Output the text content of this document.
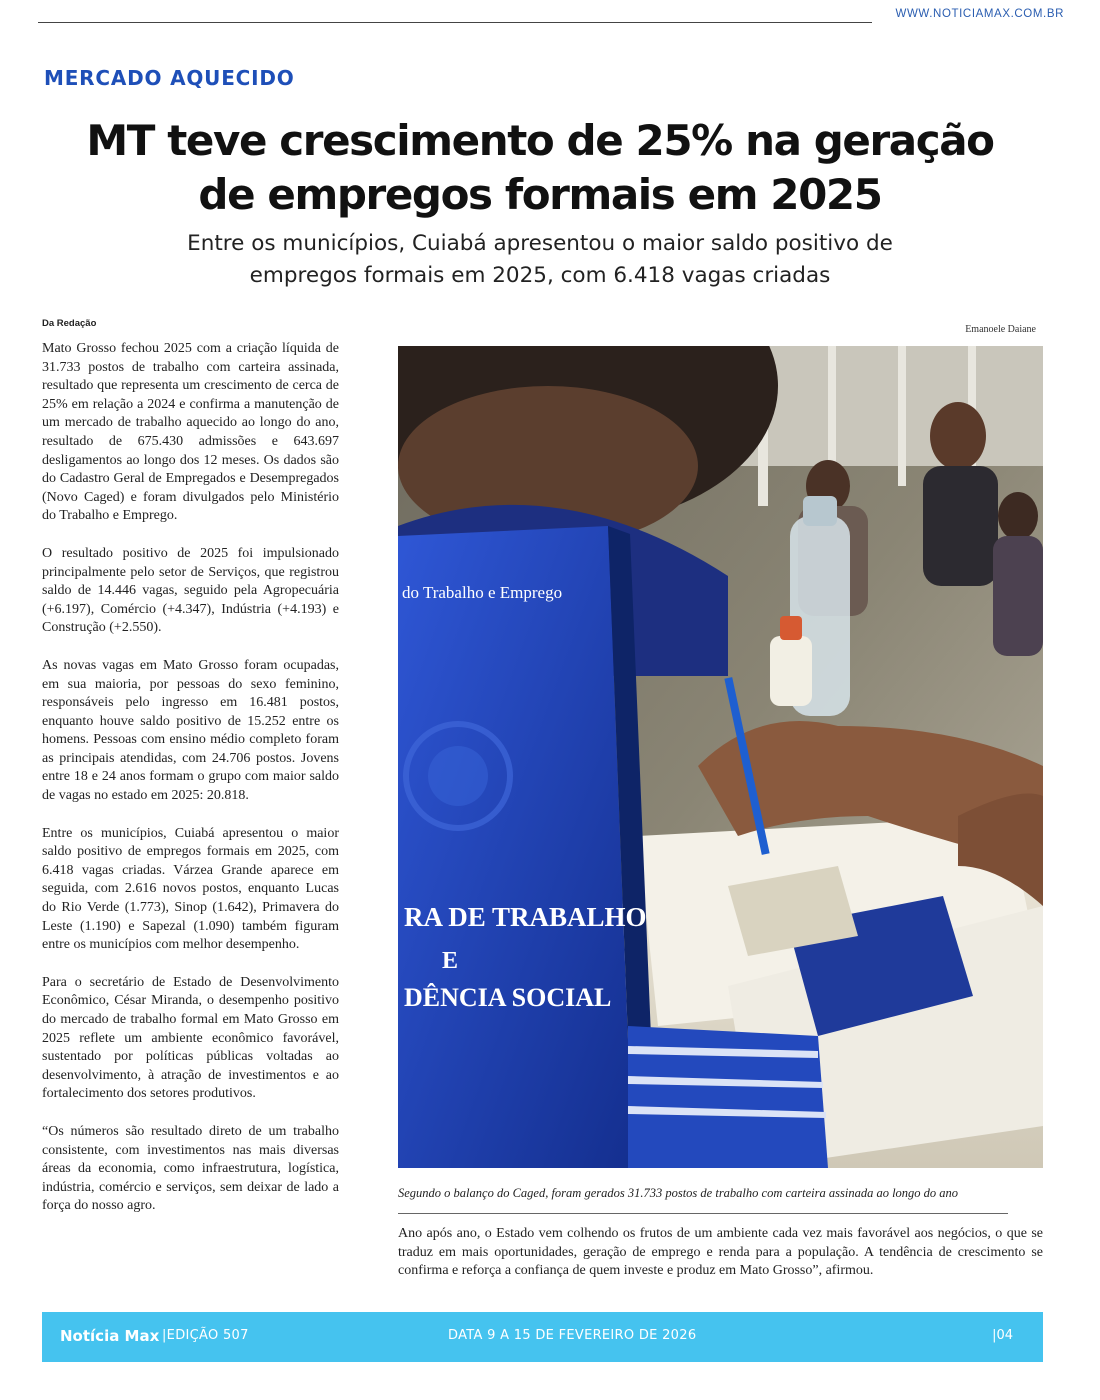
WWW.NOTICIAMAX.COM.BR
MERCADO AQUECIDO
MT teve crescimento de 25% na geração
de empregos formais em 2025

Entre os municípios, Cuiabá apresentou o maior saldo positivo de
empregos formais em 2025, com 6.418 vagas criadas

Da Redação

Mato Grosso fechou 2025 com a criação líquida de 31.733 postos de trabalho com carteira assinada, resultado que representa um crescimento de cerca de 25% em relação a 2024 e confirma a manutenção de um mercado de trabalho aquecido ao longo do ano, resultado de 675.430 admissões e 643.697 desligamentos ao longo dos 12 meses. Os dados são do Cadastro Geral de Empregados e Desempregados (Novo Caged) e foram divulgados pelo Ministério do Trabalho e Emprego.

O resultado positivo de 2025 foi impulsionado principalmente pelo setor de Serviços, que registrou saldo de 14.446 vagas, seguido pela Agropecuária (+6.197), Comércio (+4.347), Indústria (+4.193) e Construção (+2.550).

As novas vagas em Mato Grosso foram ocupadas, em sua maioria, por pessoas do sexo feminino, responsáveis pelo ingresso em 16.481 postos, enquanto houve saldo positivo de 15.252 entre os homens. Pessoas com ensino médio completo foram as principais atendidas, com 24.706 postos. Jovens entre 18 e 24 anos formam o grupo com maior saldo de vagas no estado em 2025: 20.818.

Entre os municípios, Cuiabá apresentou o maior saldo positivo de empregos formais em 2025, com 6.418 vagas criadas. Várzea Grande aparece em seguida, com 2.616 novos postos, enquanto Lucas do Rio Verde (1.773), Sinop (1.642), Primavera do Leste (1.190) e Sapezal (1.090) também figuram entre os municípios com melhor desempenho.

Para o secretário de Estado de Desenvolvimento Econômico, César Miranda, o desempenho positivo do mercado de trabalho formal em Mato Grosso em 2025 reflete um ambiente econômico favorável, sustentado por políticas públicas voltadas ao desenvolvimento, à atração de investimentos e ao fortalecimento dos setores produtivos.

“Os números são resultado direto de um trabalho consistente, com investimentos nas mais diversas áreas da economia, como infraestrutura, logística, indústria, comércio e serviços, sem deixar de lado a força do nosso agro.

Emanoele Daiane
do Trabalho e Emprego
RA DE TRABALHO
E
DÊNCIA SOCIAL

Segundo o balanço do Caged, foram gerados 31.733 postos de trabalho com carteira assinada ao longo do ano

Ano após ano, o Estado vem colhendo os frutos de um ambiente cada vez mais favorável aos negócios, o que se traduz em mais oportunidades, geração de emprego e renda para a população. A tendência de crescimento se confirma e reforça a confiança de quem investe e produz em Mato Grosso”, afirmou.

Notícia Max |EDIÇÃO 507	DATA 9 A 15 DE FEVEREIRO DE 2026	|04
